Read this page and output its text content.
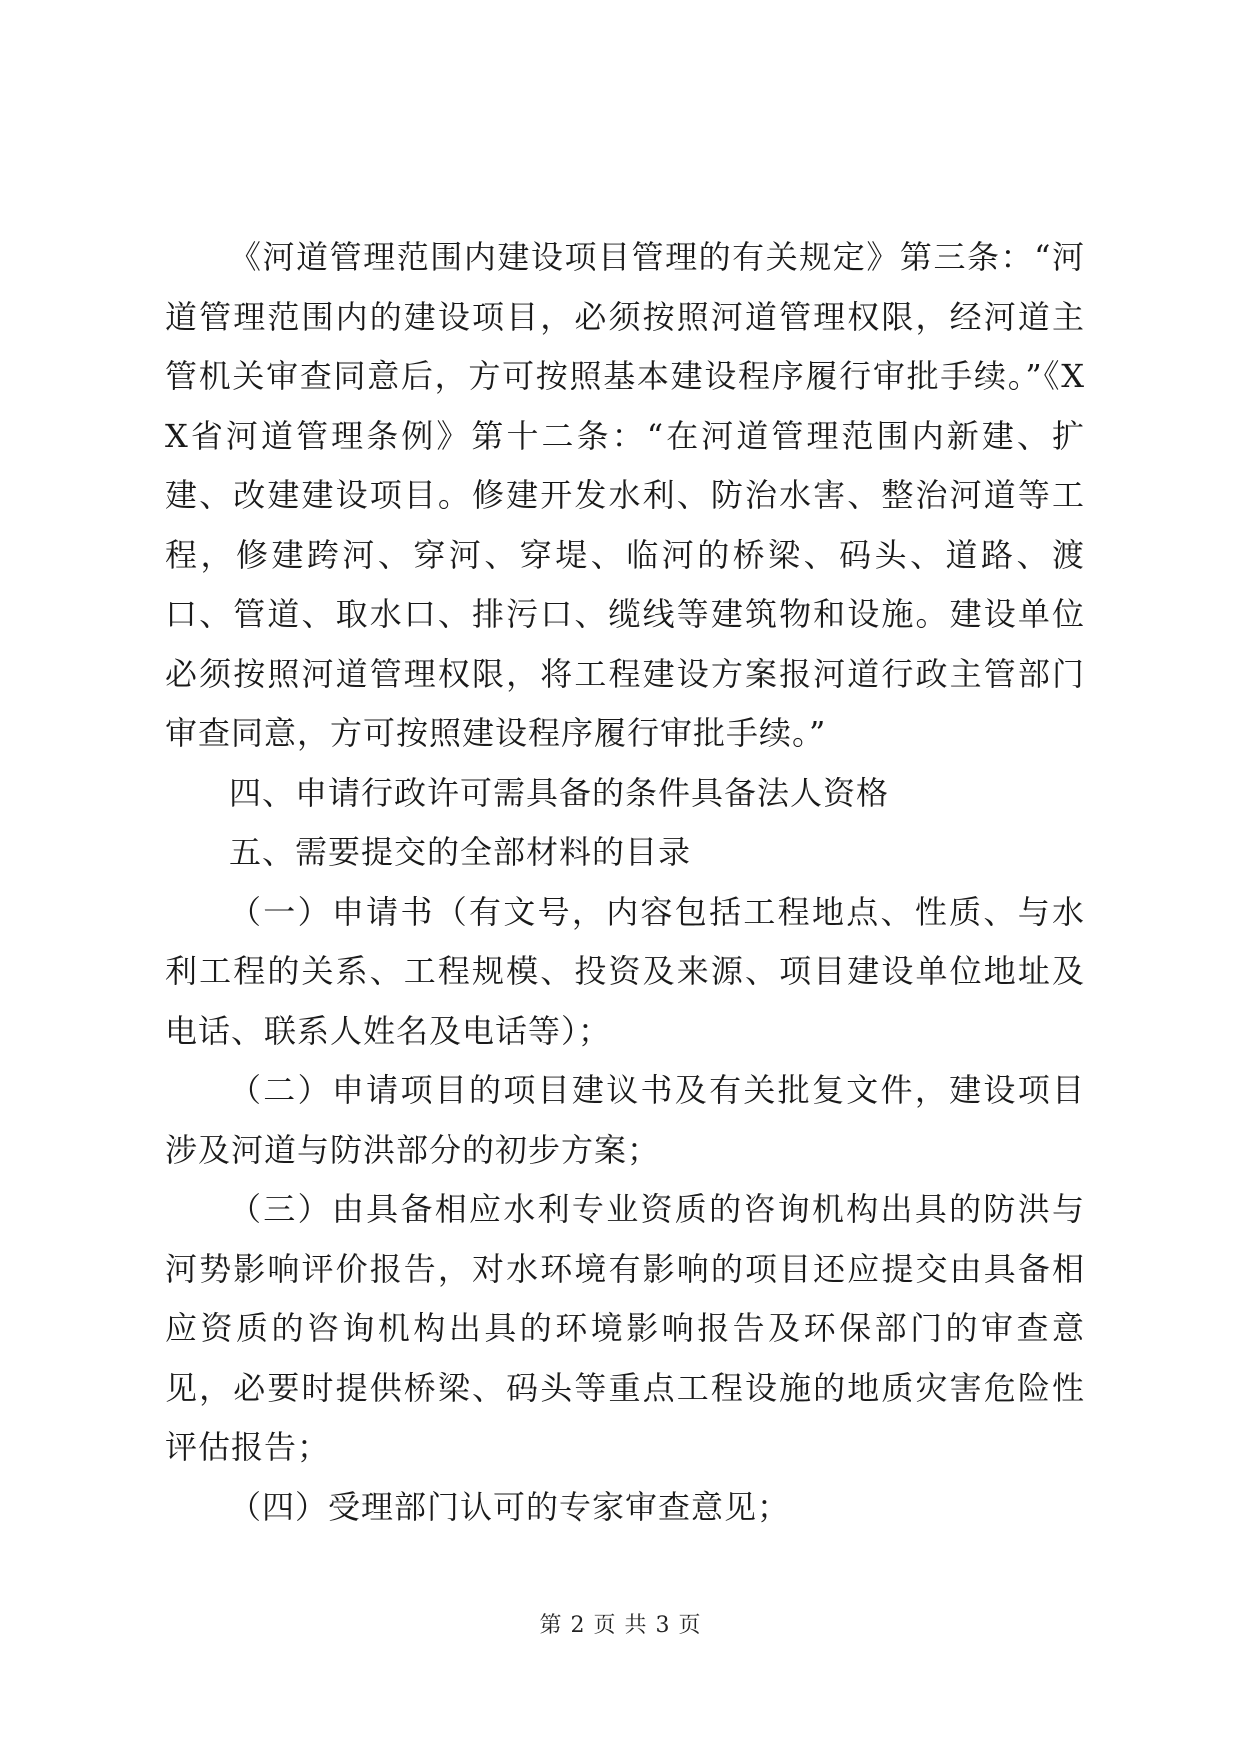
《河道管理范围内建设项目管理的有关规定》第三条：“河道管理范围内的建设项目，必须按照河道管理权限，经河道主管机关审查同意后，方可按照基本建设程序履行审批手续。”《XX省河道管理条例》第十二条：“在河道管理范围内新建、扩建、改建建设项目。修建开发水利、防治水害、整治河道等工程，修建跨河、穿河、穿堤、临河的桥梁、码头、道路、渡口、管道、取水口、排污口、缆线等建筑物和设施。建设单位必须按照河道管理权限，将工程建设方案报河道行政主管部门审查同意，方可按照建设程序履行审批手续。”

四、申请行政许可需具备的条件具备法人资格

五、需要提交的全部材料的目录

（一）申请书（有文号，内容包括工程地点、性质、与水利工程的关系、工程规模、投资及来源、项目建设单位地址及电话、联系人姓名及电话等）；

（二）申请项目的项目建议书及有关批复文件，建设项目涉及河道与防洪部分的初步方案；

（三）由具备相应水利专业资质的咨询机构出具的防洪与河势影响评价报告，对水环境有影响的项目还应提交由具备相应资质的咨询机构出具的环境影响报告及环保部门的审查意见，必要时提供桥梁、码头等重点工程设施的地质灾害危险性评估报告；

（四）受理部门认可的专家审查意见；

第 2 页 共 3 页
